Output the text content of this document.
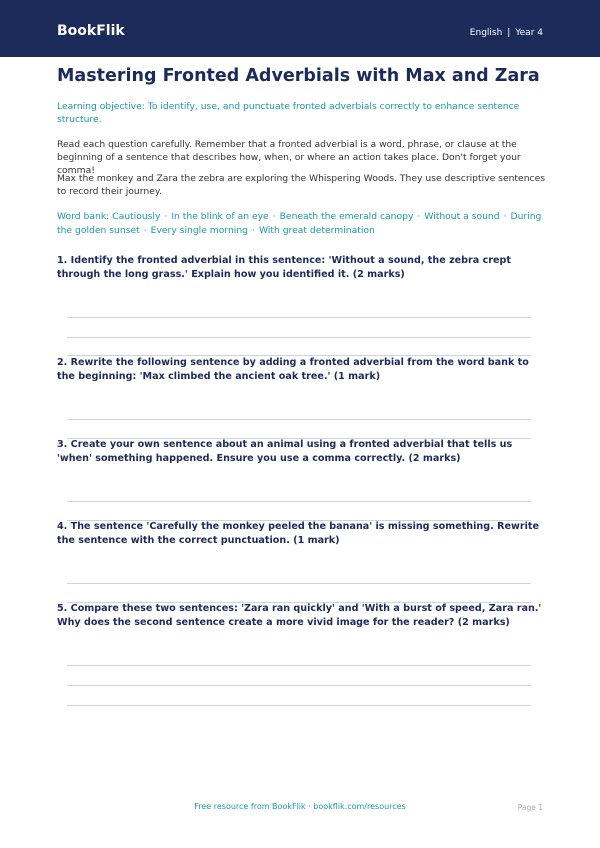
BookFlik	English | Year 4
Mastering Fronted Adverbials with Max and Zara
Learning objective: To identify, use, and punctuate fronted adverbials correctly to enhance sentence structure.
Read each question carefully. Remember that a fronted adverbial is a word, phrase, or clause at the beginning of a sentence that describes how, when, or where an action takes place. Don't forget your comma!
Max the monkey and Zara the zebra are exploring the Whispering Woods. They use descriptive sentences to record their journey.
Word bank: Cautiously · In the blink of an eye · Beneath the emerald canopy · Without a sound · During the golden sunset · Every single morning · With great determination
1. Identify the fronted adverbial in this sentence: 'Without a sound, the zebra crept through the long grass.' Explain how you identified it. (2 marks)
2. Rewrite the following sentence by adding a fronted adverbial from the word bank to the beginning: 'Max climbed the ancient oak tree.' (1 mark)
3. Create your own sentence about an animal using a fronted adverbial that tells us 'when' something happened. Ensure you use a comma correctly. (2 marks)
4. The sentence 'Carefully the monkey peeled the banana' is missing something. Rewrite the sentence with the correct punctuation. (1 mark)
5. Compare these two sentences: 'Zara ran quickly' and 'With a burst of speed, Zara ran.' Why does the second sentence create a more vivid image for the reader? (2 marks)
Free resource from BookFlik · bookflik.com/resources	Page 1
